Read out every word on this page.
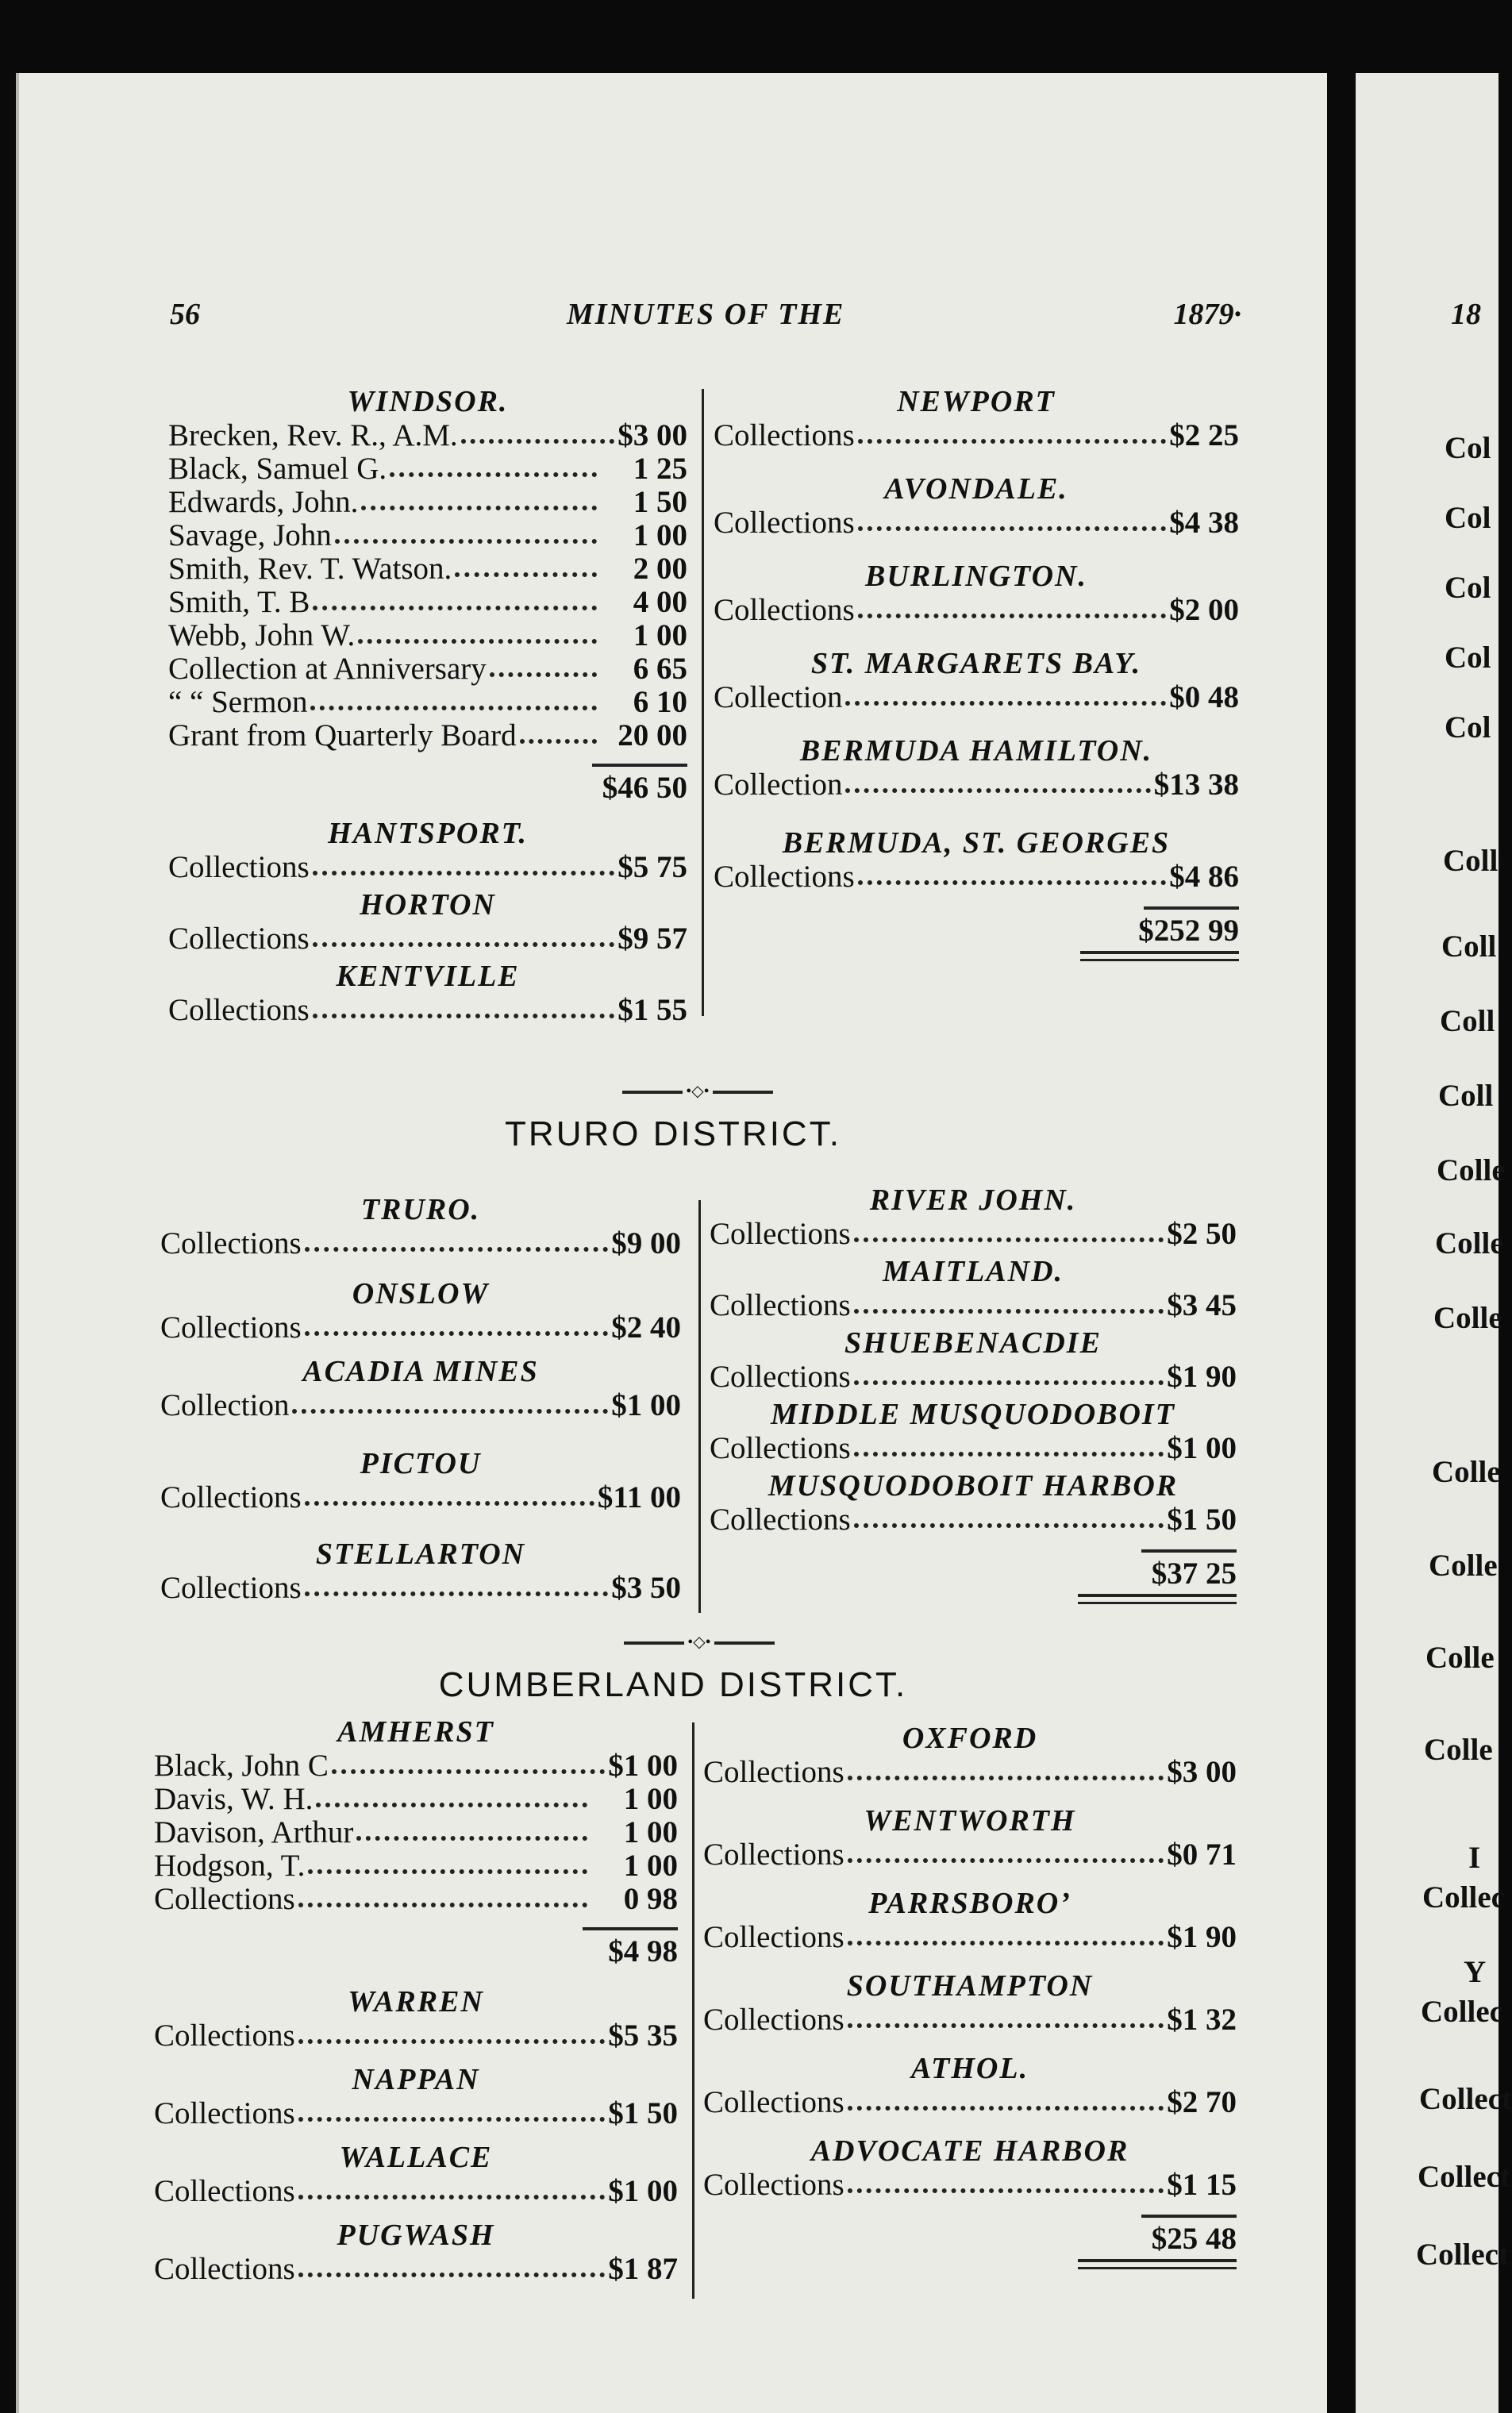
56	MINUTES OF THE	1879·
WINDSOR.
Brecken, Rev. R., A.M.	$3 00
Black, Samuel G.	1 25
Edwards, John.	1 50
Savage, John	1 00
Smith, Rev. T. Watson.	2 00
Smith, T. B	4 00
Webb, John W.	1 00
Collection at Anniversary	6 65
“ “ Sermon	6 10
Grant from Quarterly Board	20 00
$46 50
HANTSPORT.
Collections	$5 75
HORTON
Collections	$9 57
KENTVILLE
Collections	$1 55
NEWPORT
Collections	$2 25
AVONDALE.
Collections	$4 38
BURLINGTON.
Collections	$2 00
ST. MARGARETS BAY.
Collection	$0 48
BERMUDA HAMILTON.
Collection	$13 38
BERMUDA, ST. GEORGES
Collections	$4 86
$252 99
•◇•
TRURO DISTRICT.
TRURO.
Collections	$9 00
ONSLOW
Collections	$2 40
ACADIA MINES
Collection	$1 00
PICTOU
Collections	$11 00
STELLARTON
Collections	$3 50
RIVER JOHN.
Collections	$2 50
MAITLAND.
Collections	$3 45
SHUEBENACDIE
Collections	$1 90
MIDDLE MUSQUODOBOIT
Collections	$1 00
MUSQUODOBOIT HARBOR
Collections	$1 50
$37 25
•◇•
CUMBERLAND DISTRICT.
AMHERST
Black, John C	$1 00
Davis, W. H.	1 00
Davison, Arthur	1 00
Hodgson, T.	1 00
Collections	0 98
$4 98
WARREN
Collections	$5 35
NAPPAN
Collections	$1 50
WALLACE
Collections	$1 00
PUGWASH
Collections	$1 87
OXFORD
Collections	$3 00
WENTWORTH
Collections	$0 71
PARRSBORO’
Collections	$1 90
SOUTHAMPTON
Collections	$1 32
ATHOL.
Collections	$2 70
ADVOCATE HARBOR
Collections	$1 15
$25 48
18
Col
Col
Col
Col
Col
Coll
Coll
Coll
Coll
Colle
Colle
Colle
Colle
Colle
Colle
Colle
I
Collec
Y
Collec
Collect
Collect
Collect
